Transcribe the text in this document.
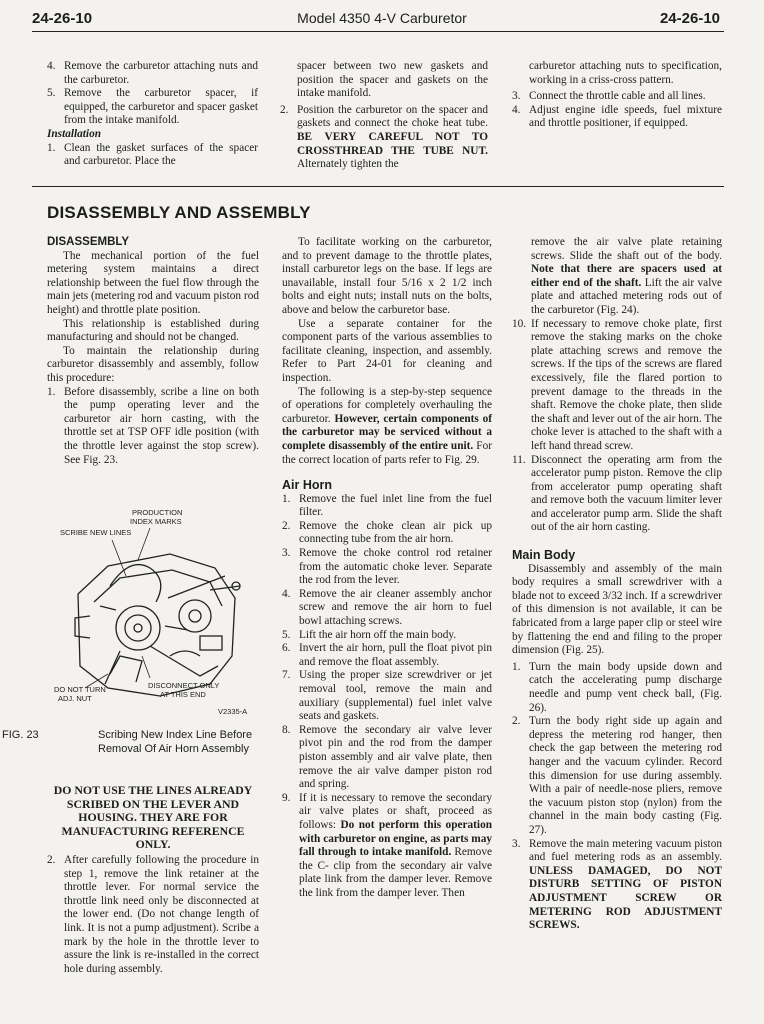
24-26-10	Model 4350 4-V Carburetor	24-26-10
4. Remove the carburetor attaching nuts and the carburetor.
5. Remove the carburetor spacer, if equipped, the carburetor and spacer gasket from the intake manifold.

Installation

1. Clean the gasket surfaces of the spacer and carburetor. Place the

spacer between two new gaskets and position the spacer and gaskets on the intake manifold.

2. Position the carburetor on the spacer and gaskets and connect the choke heat tube. BE VERY CAREFUL NOT TO CROSSTHREAD THE TUBE NUT. Alternately tighten the

carburetor attaching nuts to specification, working in a criss-cross pattern.

3. Connect the throttle cable and all lines.
4. Adjust engine idle speeds, fuel mixture and throttle positioner, if equipped.
DISASSEMBLY AND ASSEMBLY

DISASSEMBLY

The mechanical portion of the fuel metering system maintains a direct relationship between the fuel flow through the main jets (metering rod and vacuum piston rod height) and throttle plate position.

This relationship is established during manufacturing and should not be changed.

To maintain the relationship during carburetor disassembly and assembly, follow this procedure:

1. Before disassembly, scribe a line on both the pump operating lever and the carburetor air horn casting, with the throttle set at TSP OFF idle position (with the throttle lever against the stop screw). See Fig. 23.
PRODUCTION
INDEX MARKS
SCRIBE NEW LINES
DISCONNECT ONLY
AT THIS END
DO NOT TURN
ADJ. NUT
V2335-A
FIG. 23	Scribing New Index Line Before Removal Of Air Horn Assembly

DO NOT USE THE LINES ALREADY SCRIBED ON THE LEVER AND HOUSING. THEY ARE FOR MANUFACTURING REFERENCE ONLY.

2. After carefully following the procedure in step 1, remove the link retainer at the throttle lever. For normal service the throttle link need only be disconnected at the lower end. (Do not change length of link. It is not a pump adjustment). Scribe a mark by the hole in the throttle lever to assure the link is re-installed in the correct hole during assembly.

To facilitate working on the carburetor, and to prevent damage to the throttle plates, install carburetor legs on the base. If legs are unavailable, install four 5/16 x 2 1/2 inch bolts and eight nuts; install nuts on the bolts, above and below the carburetor base.

Use a separate container for the component parts of the various assemblies to facilitate cleaning, inspection, and assembly. Refer to Part 24-01 for cleaning and inspection.

The following is a step-by-step sequence of operations for completely overhauling the carburetor. However, certain components of the carburetor may be serviced without a complete disassembly of the entire unit. For the correct location of parts refer to Fig. 29.

Air Horn

1. Remove the fuel inlet line from the fuel filter.
2. Remove the choke clean air pick up connecting tube from the air horn.
3. Remove the choke control rod retainer from the automatic choke lever. Separate the rod from the lever.
4. Remove the air cleaner assembly anchor screw and remove the air horn to fuel bowl attaching screws.
5. Lift the air horn off the main body.
6. Invert the air horn, pull the float pivot pin and remove the float assembly.
7. Using the proper size screwdriver or jet removal tool, remove the main and auxiliary (supplemental) fuel inlet valve seats and gaskets.
8. Remove the secondary air valve lever pivot pin and the rod from the damper piston assembly and air valve plate, then remove the air valve damper piston rod and spring.
9. If it is necessary to remove the secondary air valve plates or shaft, proceed as follows: Do not perform this operation with carburetor on engine, as parts may fall through to intake manifold. Remove the C- clip from the secondary air valve plate link from the damper lever. Remove the link from the damper lever. Then

remove the air valve plate retaining screws. Slide the shaft out of the body. Note that there are spacers used at either end of the shaft. Lift the air valve plate and attached metering rods out of the carburetor (Fig. 24).

10. If necessary to remove choke plate, first remove the staking marks on the choke plate attaching screws and remove the screws. If the tips of the screws are flared excessively, file the flared portion to prevent damage to the threads in the shaft. Remove the choke plate, then slide the shaft and lever out of the air horn. The choke lever is attached to the shaft with a left hand thread screw.
11. Disconnect the operating arm from the accelerator pump piston. Remove the clip from accelerator pump operating shaft and remove both the vacuum limiter lever and accelerator pump arm. Slide the shaft out of the air horn casting.

Main Body

Disassembly and assembly of the main body requires a small screwdriver with a blade not to exceed 3/32 inch. If a screwdriver of this dimension is not available, it can be fabricated from a large paper clip or steel wire by flattening the end and filing to the proper dimension (Fig. 25).

1. Turn the main body upside down and catch the accelerating pump discharge needle and pump vent check ball, (Fig. 26).
2. Turn the body right side up again and depress the metering rod hanger, then check the gap between the metering rod hanger and the vacuum cylinder. Record this dimension for use during assembly. With a pair of needle-nose pliers, remove the vacuum piston stop (nylon) from the channel in the main body casting (Fig. 27).
3. Remove the main metering vacuum piston and fuel metering rods as an assembly. UNLESS DAMAGED, DO NOT DISTURB SETTING OF PISTON ADJUSTMENT SCREW OR METERING ROD ADJUSTMENT SCREWS.
